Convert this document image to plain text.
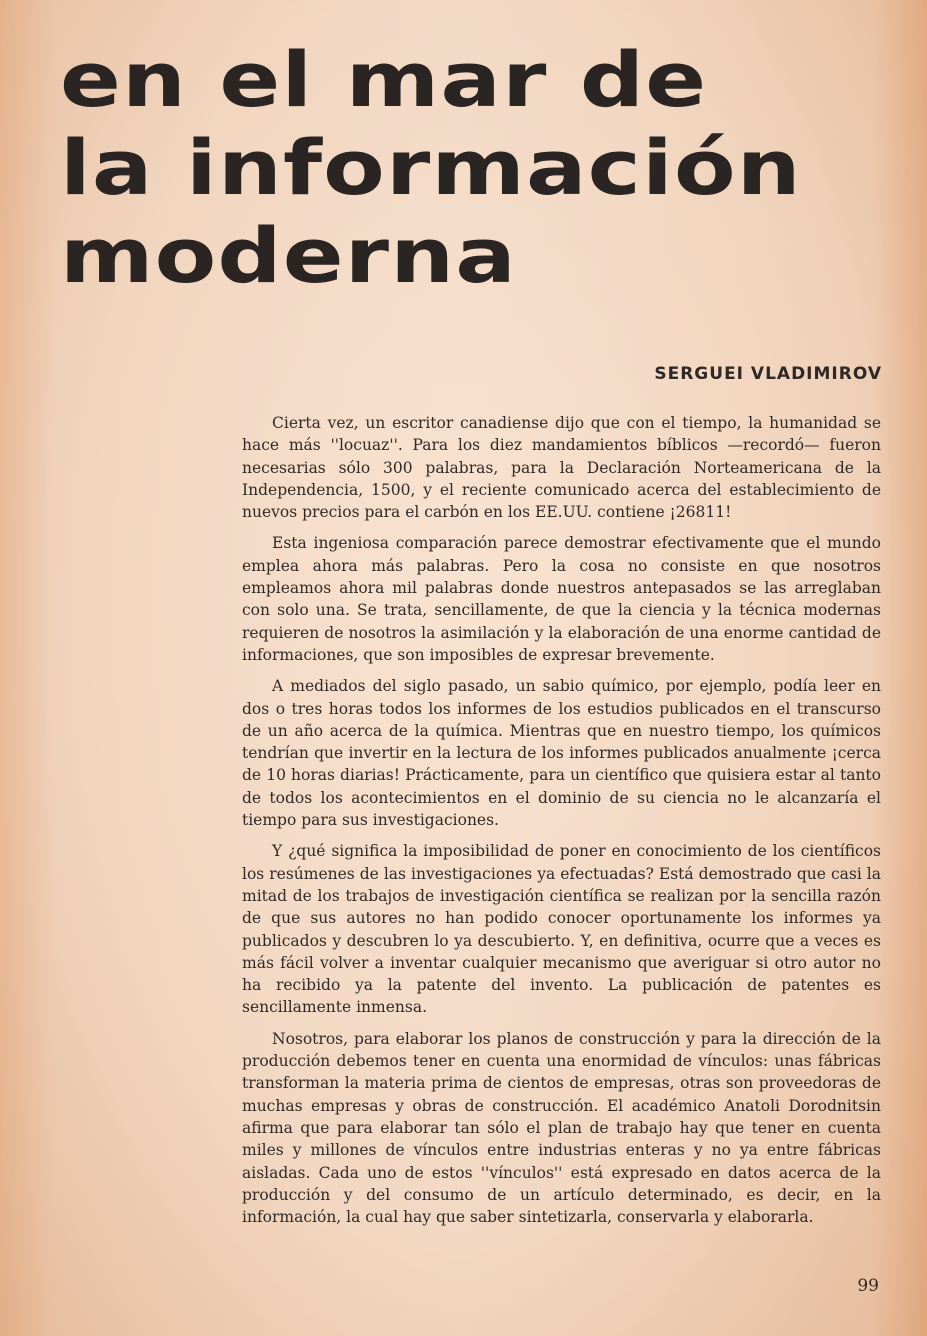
en el mar de
la información
moderna
SERGUEI VLADIMIROV

Cierta vez, un escritor canadiense dijo que con el tiempo, la humanidad se hace más ''locuaz''. Para los diez mandamientos bíblicos —recordó— fueron necesarias sólo 300 palabras, para la Declaración Norteamericana de la Independencia, 1500, y el reciente comunicado acerca del establecimiento de nuevos precios para el carbón en los EE.UU. contiene ¡26811!

Esta ingeniosa comparación parece demostrar efectivamente que el mundo emplea ahora más palabras. Pero la cosa no consiste en que nosotros empleamos ahora mil palabras donde nuestros antepasados se las arreglaban con solo una. Se trata, sencillamente, de que la ciencia y la técnica modernas requieren de nosotros la asimilación y la elaboración de una enorme cantidad de informaciones, que son imposibles de expresar brevemente.

A mediados del siglo pasado, un sabio químico, por ejemplo, podía leer en dos o tres horas todos los informes de los estudios publicados en el transcurso de un año acerca de la química. Mientras que en nuestro tiempo, los químicos tendrían que invertir en la lectura de los informes publicados anualmente ¡cerca de 10 horas diarias! Prácticamente, para un científico que quisiera estar al tanto de todos los acontecimientos en el dominio de su ciencia no le alcanzaría el tiempo para sus investigaciones.

Y ¿qué significa la imposibilidad de poner en conocimiento de los científicos los resúmenes de las investigaciones ya efectuadas? Está demostrado que casi la mitad de los trabajos de investigación científica se realizan por la sencilla razón de que sus autores no han podido conocer oportunamente los informes ya publicados y descubren lo ya descubierto. Y, en definitiva, ocurre que a veces es más fácil volver a inventar cualquier mecanismo que averiguar si otro autor no ha recibido ya la patente del invento. La publicación de patentes es sencillamente inmensa.

Nosotros, para elaborar los planos de construcción y para la dirección de la producción debemos tener en cuenta una enormidad de vínculos: unas fábricas transforman la materia prima de cientos de empresas, otras son proveedoras de muchas empresas y obras de construcción. El académico Anatoli Dorodnitsin afirma que para elaborar tan sólo el plan de trabajo hay que tener en cuenta miles y millones de vínculos entre industrias enteras y no ya entre fábricas aisladas. Cada uno de estos ''vínculos'' está expresado en datos acerca de la producción y del consumo de un artículo determinado, es decir, en la información, la cual hay que saber sintetizarla, conservarla y elaborarla.

99
